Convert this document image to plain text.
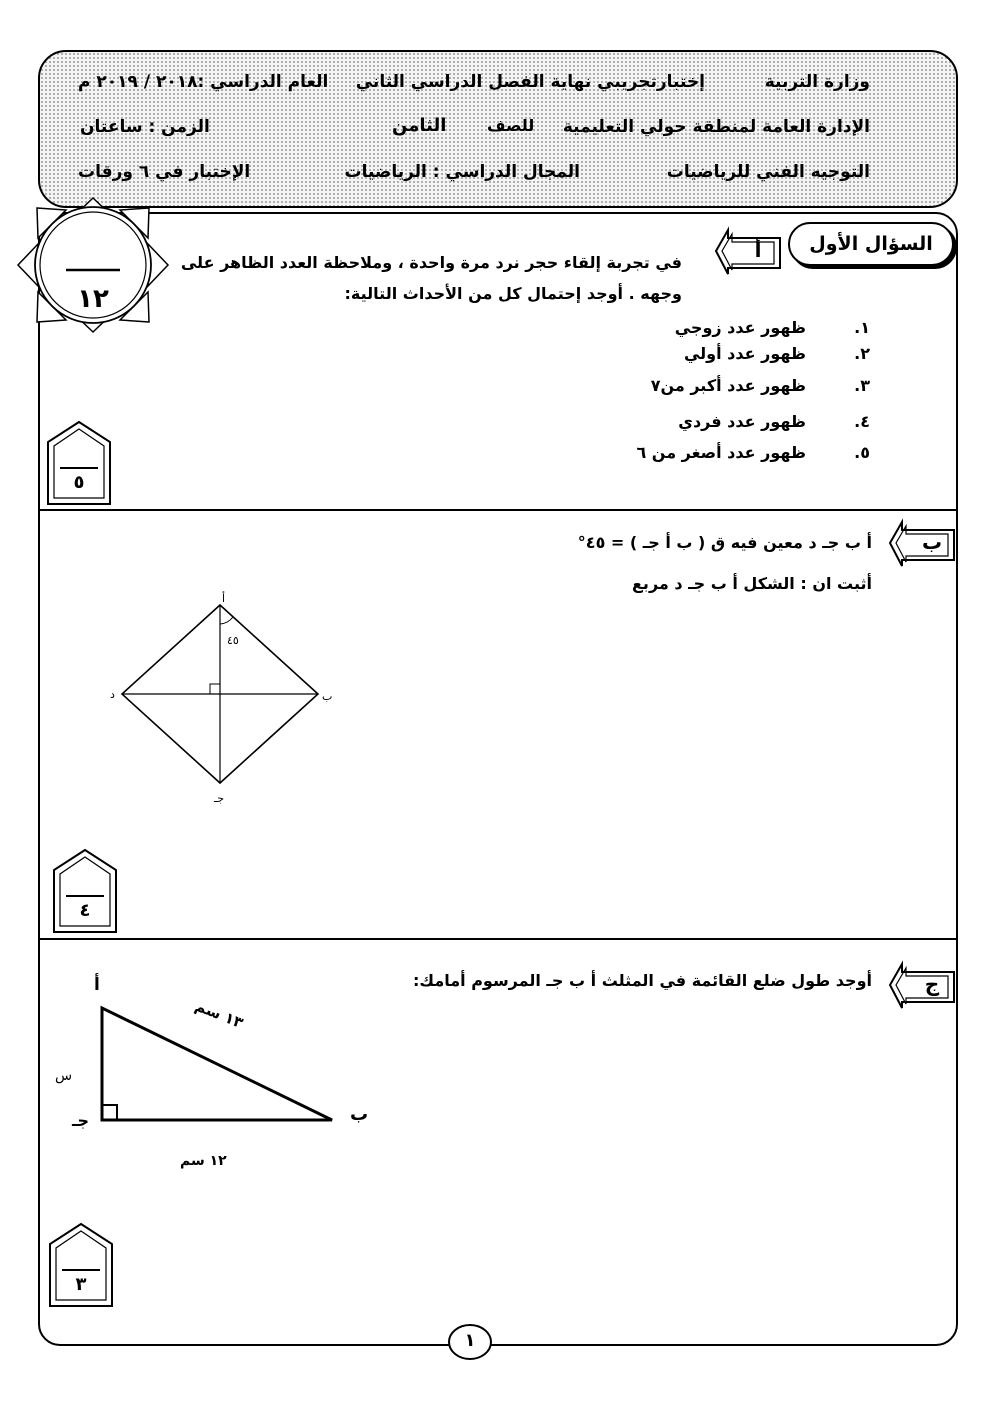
وزارة التربية
إختبارتجريبي نهاية الفصل الدراسي الثاني
العام الدراسي :٢٠١٨ / ٢٠١٩ م
الإدارة العامة لمنطقة حولي التعليمية
للصف  الثامن
الزمن : ساعتان
التوجيه الفني للرياضيات
المجال الدراسي : الرياضيات
الإختبار في ٦ ورقات
السؤال الأول
١٢
أ
في تجربة إلقاء حجر نرد مرة واحدة ، وملاحظة العدد الظاهر على
وجهه . أوجد إحتمال كل من الأحداث التالية:
١.
ظهور عدد زوجي
٢.
ظهور عدد أولي
٣.
ظهور عدد أكبر من٧
٤.
ظهور عدد فردي
٥.
ظهور عدد أصغر من ٦
٥
ب
أ ب جـ د معين فيه ق ( ب أ جـ ) = ٤٥°
أثبت ان : الشكل أ ب جـ د مربع
أ
ب
جـ
د
٤٥
٤
ج
أوجد طول ضلع القائمة في المثلث أ ب جـ المرسوم أمامك:
أ
ب
جـ
س
١٣ سم
١٢ سم
٣
١
